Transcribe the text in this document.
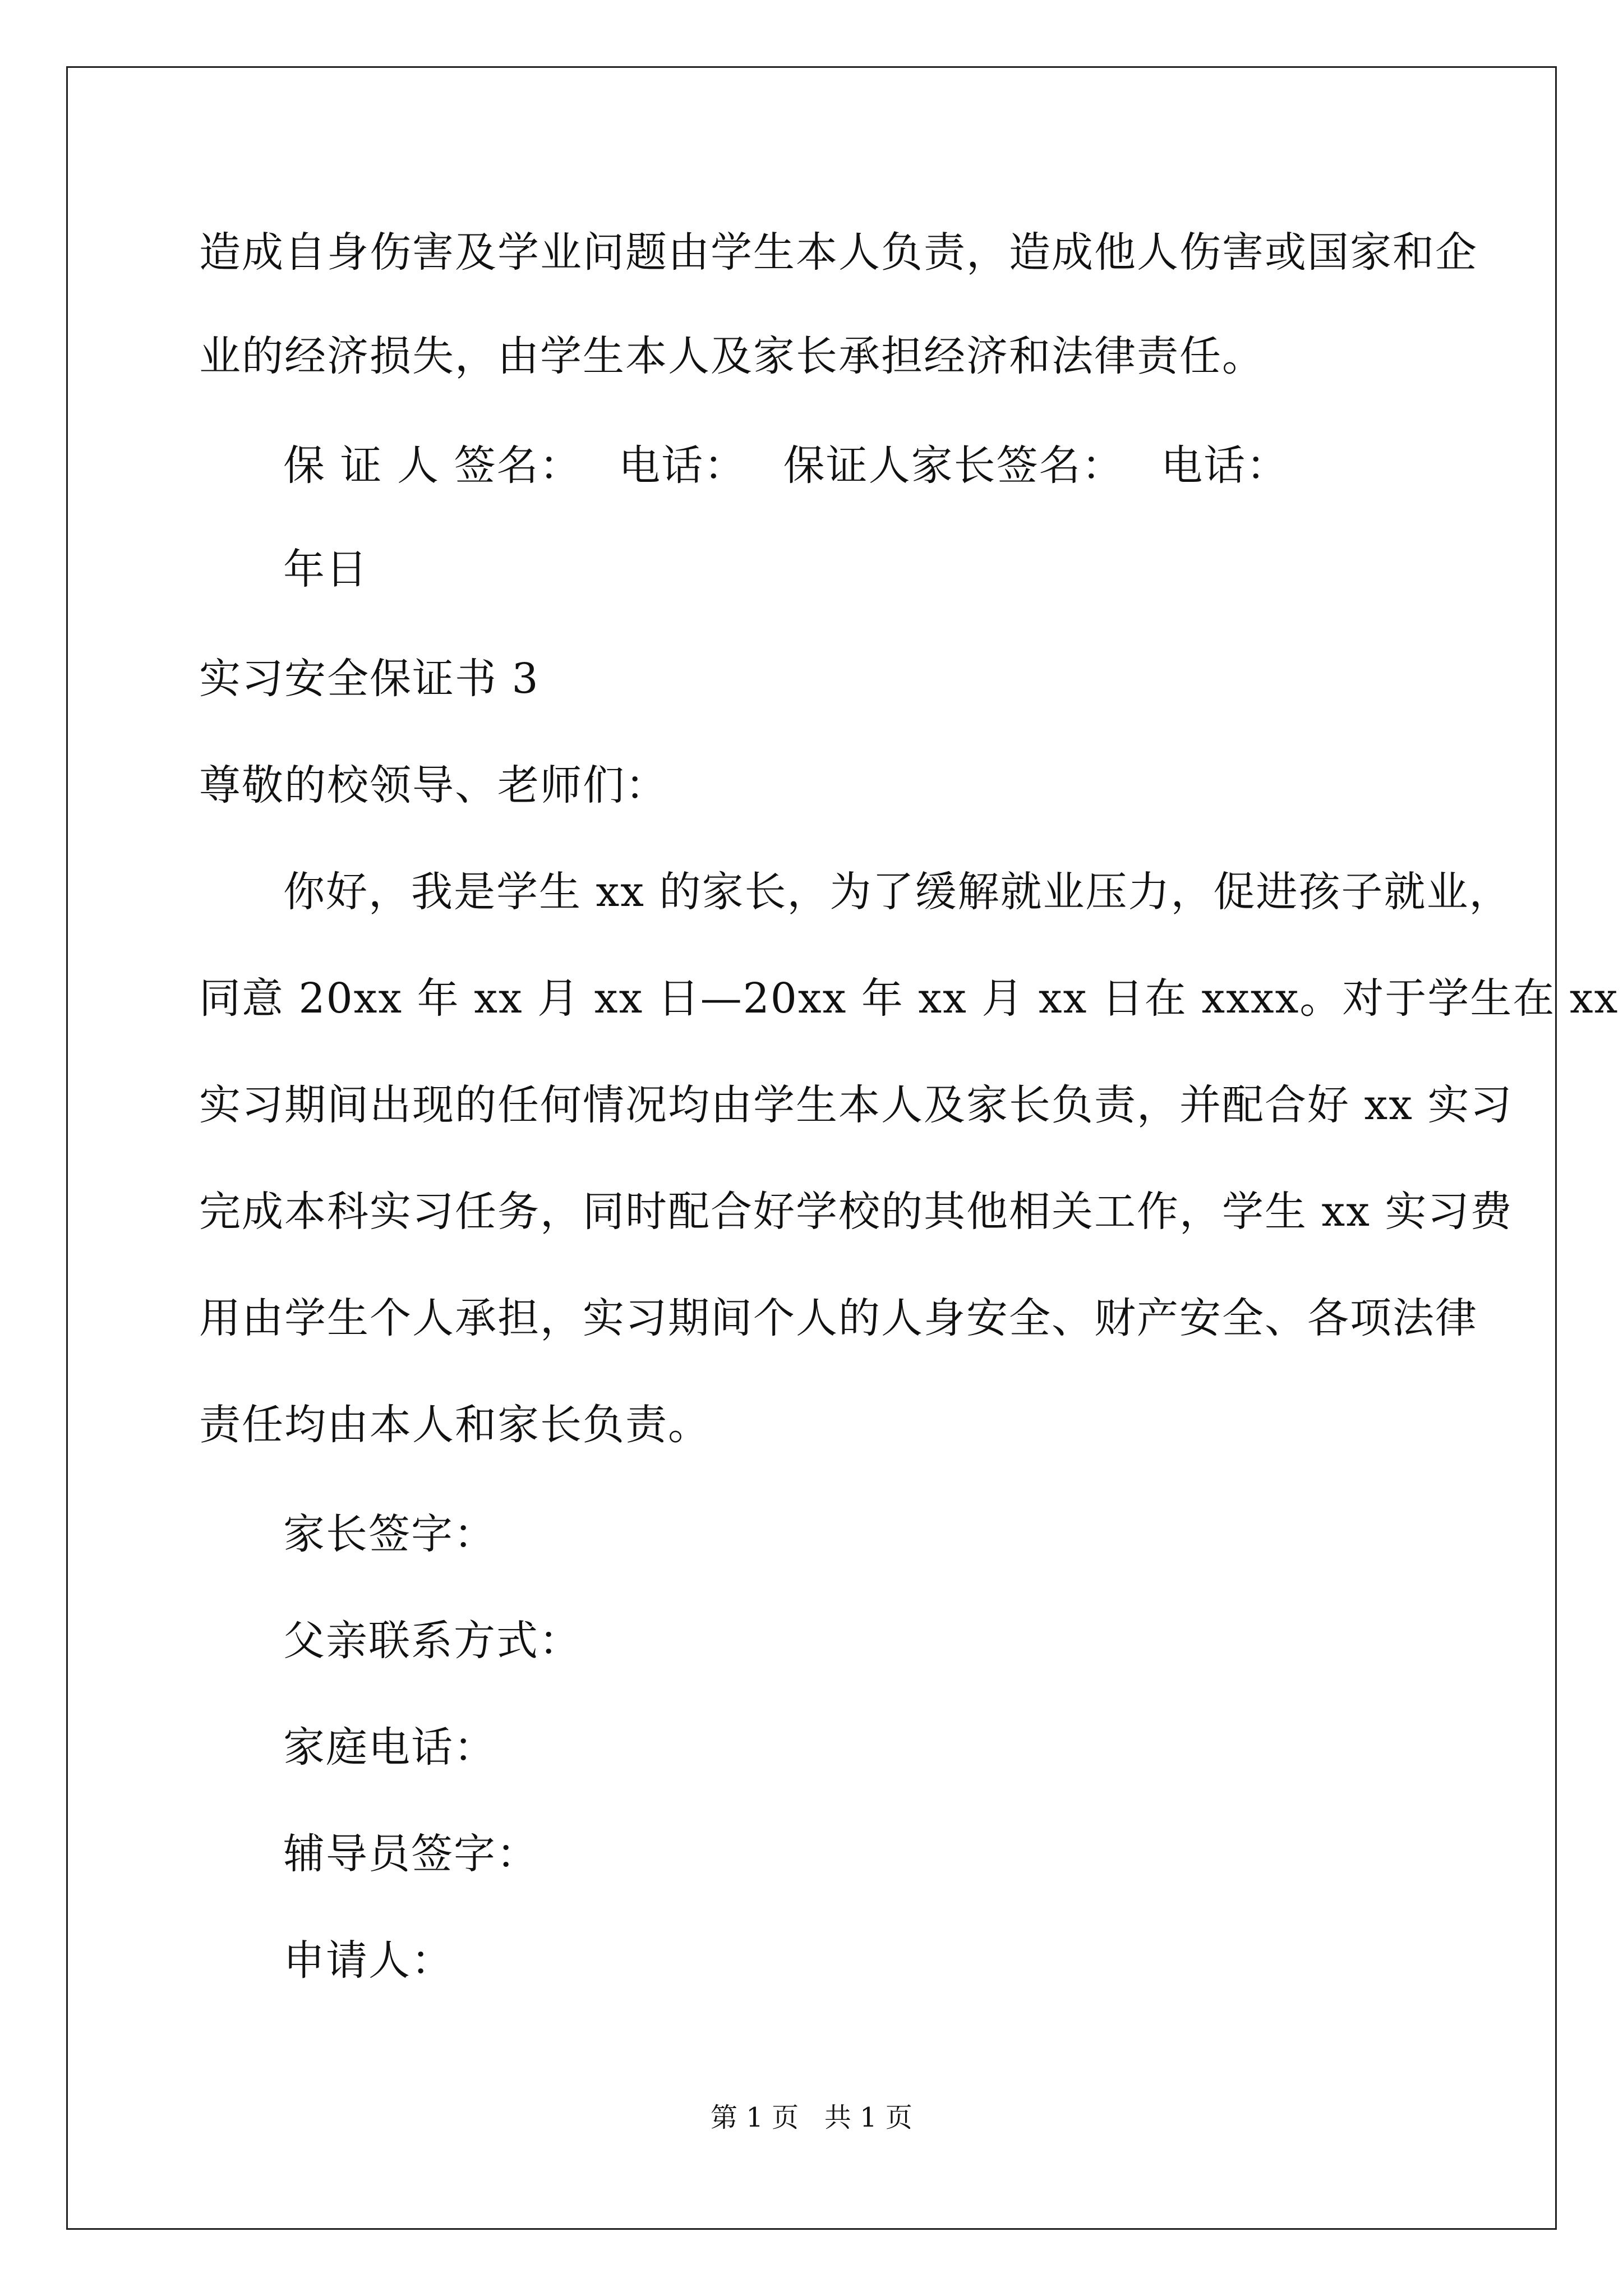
造成自身伤害及学业问题由学生本人负责，造成他人伤害或国家和企
业的经济损失，由学生本人及家长承担经济和法律责任。
保 证 人 签名： 电话： 保证人家长签名： 电话：
年日
实习安全保证书 3
尊敬的校领导、老师们：
你好，我是学生 xx 的家长，为了缓解就业压力，促进孩子就业，
同意 20xx 年 xx 月 xx 日—20xx 年 xx 月 xx 日在 xxxx。对于学生在 xx
实习期间出现的任何情况均由学生本人及家长负责，并配合好 xx 实习
完成本科实习任务，同时配合好学校的其他相关工作，学生 xx 实习费
用由学生个人承担，实习期间个人的人身安全、财产安全、各项法律
责任均由本人和家长负责。
家长签字：
父亲联系方式：
家庭电话：
辅导员签字：
申请人：
第 1 页   共 1 页
